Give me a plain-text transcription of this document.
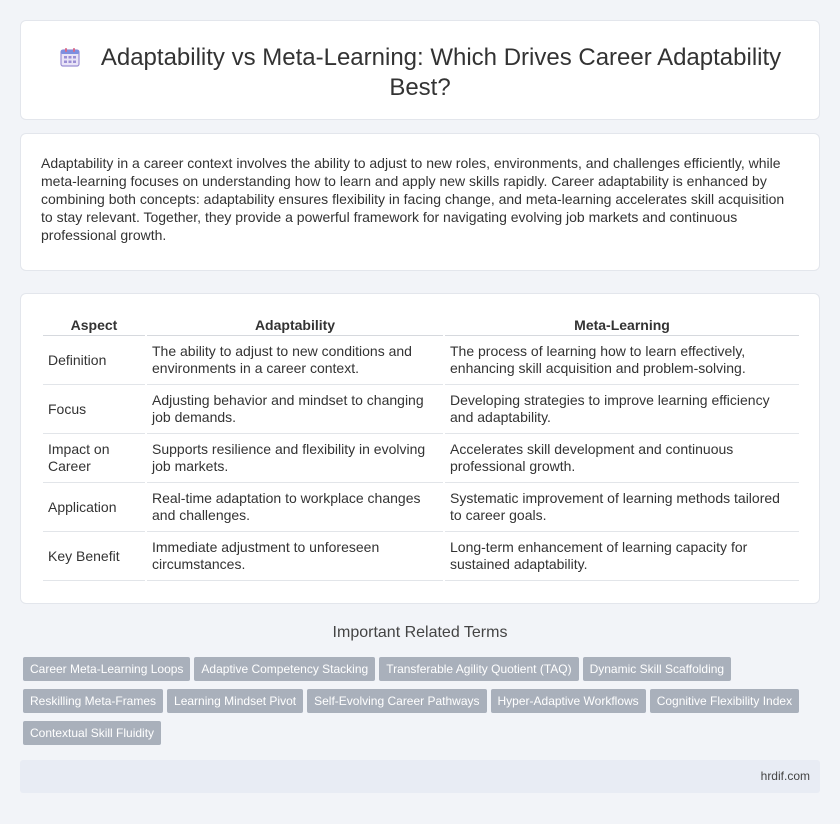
Adaptability vs Meta-Learning: Which Drives Career Adaptability Best?

Adaptability in a career context involves the ability to adjust to new roles, environments, and challenges efficiently, while meta-learning focuses on understanding how to learn and apply new skills rapidly. Career adaptability is enhanced by combining both concepts: adaptability ensures flexibility in facing change, and meta-learning accelerates skill acquisition to stay relevant. Together, they provide a powerful framework for navigating evolving job markets and continuous professional growth.

Aspect	Adaptability	Meta-Learning
Definition	The ability to adjust to new conditions and environments in a career context.	The process of learning how to learn effectively, enhancing skill acquisition and problem-solving.
Focus	Adjusting behavior and mindset to changing job demands.	Developing strategies to improve learning efficiency and adaptability.
Impact on Career	Supports resilience and flexibility in evolving job markets.	Accelerates skill development and continuous professional growth.
Application	Real-time adaptation to workplace changes and challenges.	Systematic improvement of learning methods tailored to career goals.
Key Benefit	Immediate adjustment to unforeseen circumstances.	Long-term enhancement of learning capacity for sustained adaptability.
Important Related Terms
Career Meta-Learning Loops Adaptive Competency Stacking Transferable Agility Quotient (TAQ) Dynamic Skill Scaffolding
Reskilling Meta-Frames Learning Mindset Pivot Self-Evolving Career Pathways Hyper-Adaptive Workflows Cognitive Flexibility Index
Contextual Skill Fluidity
hrdif.com
